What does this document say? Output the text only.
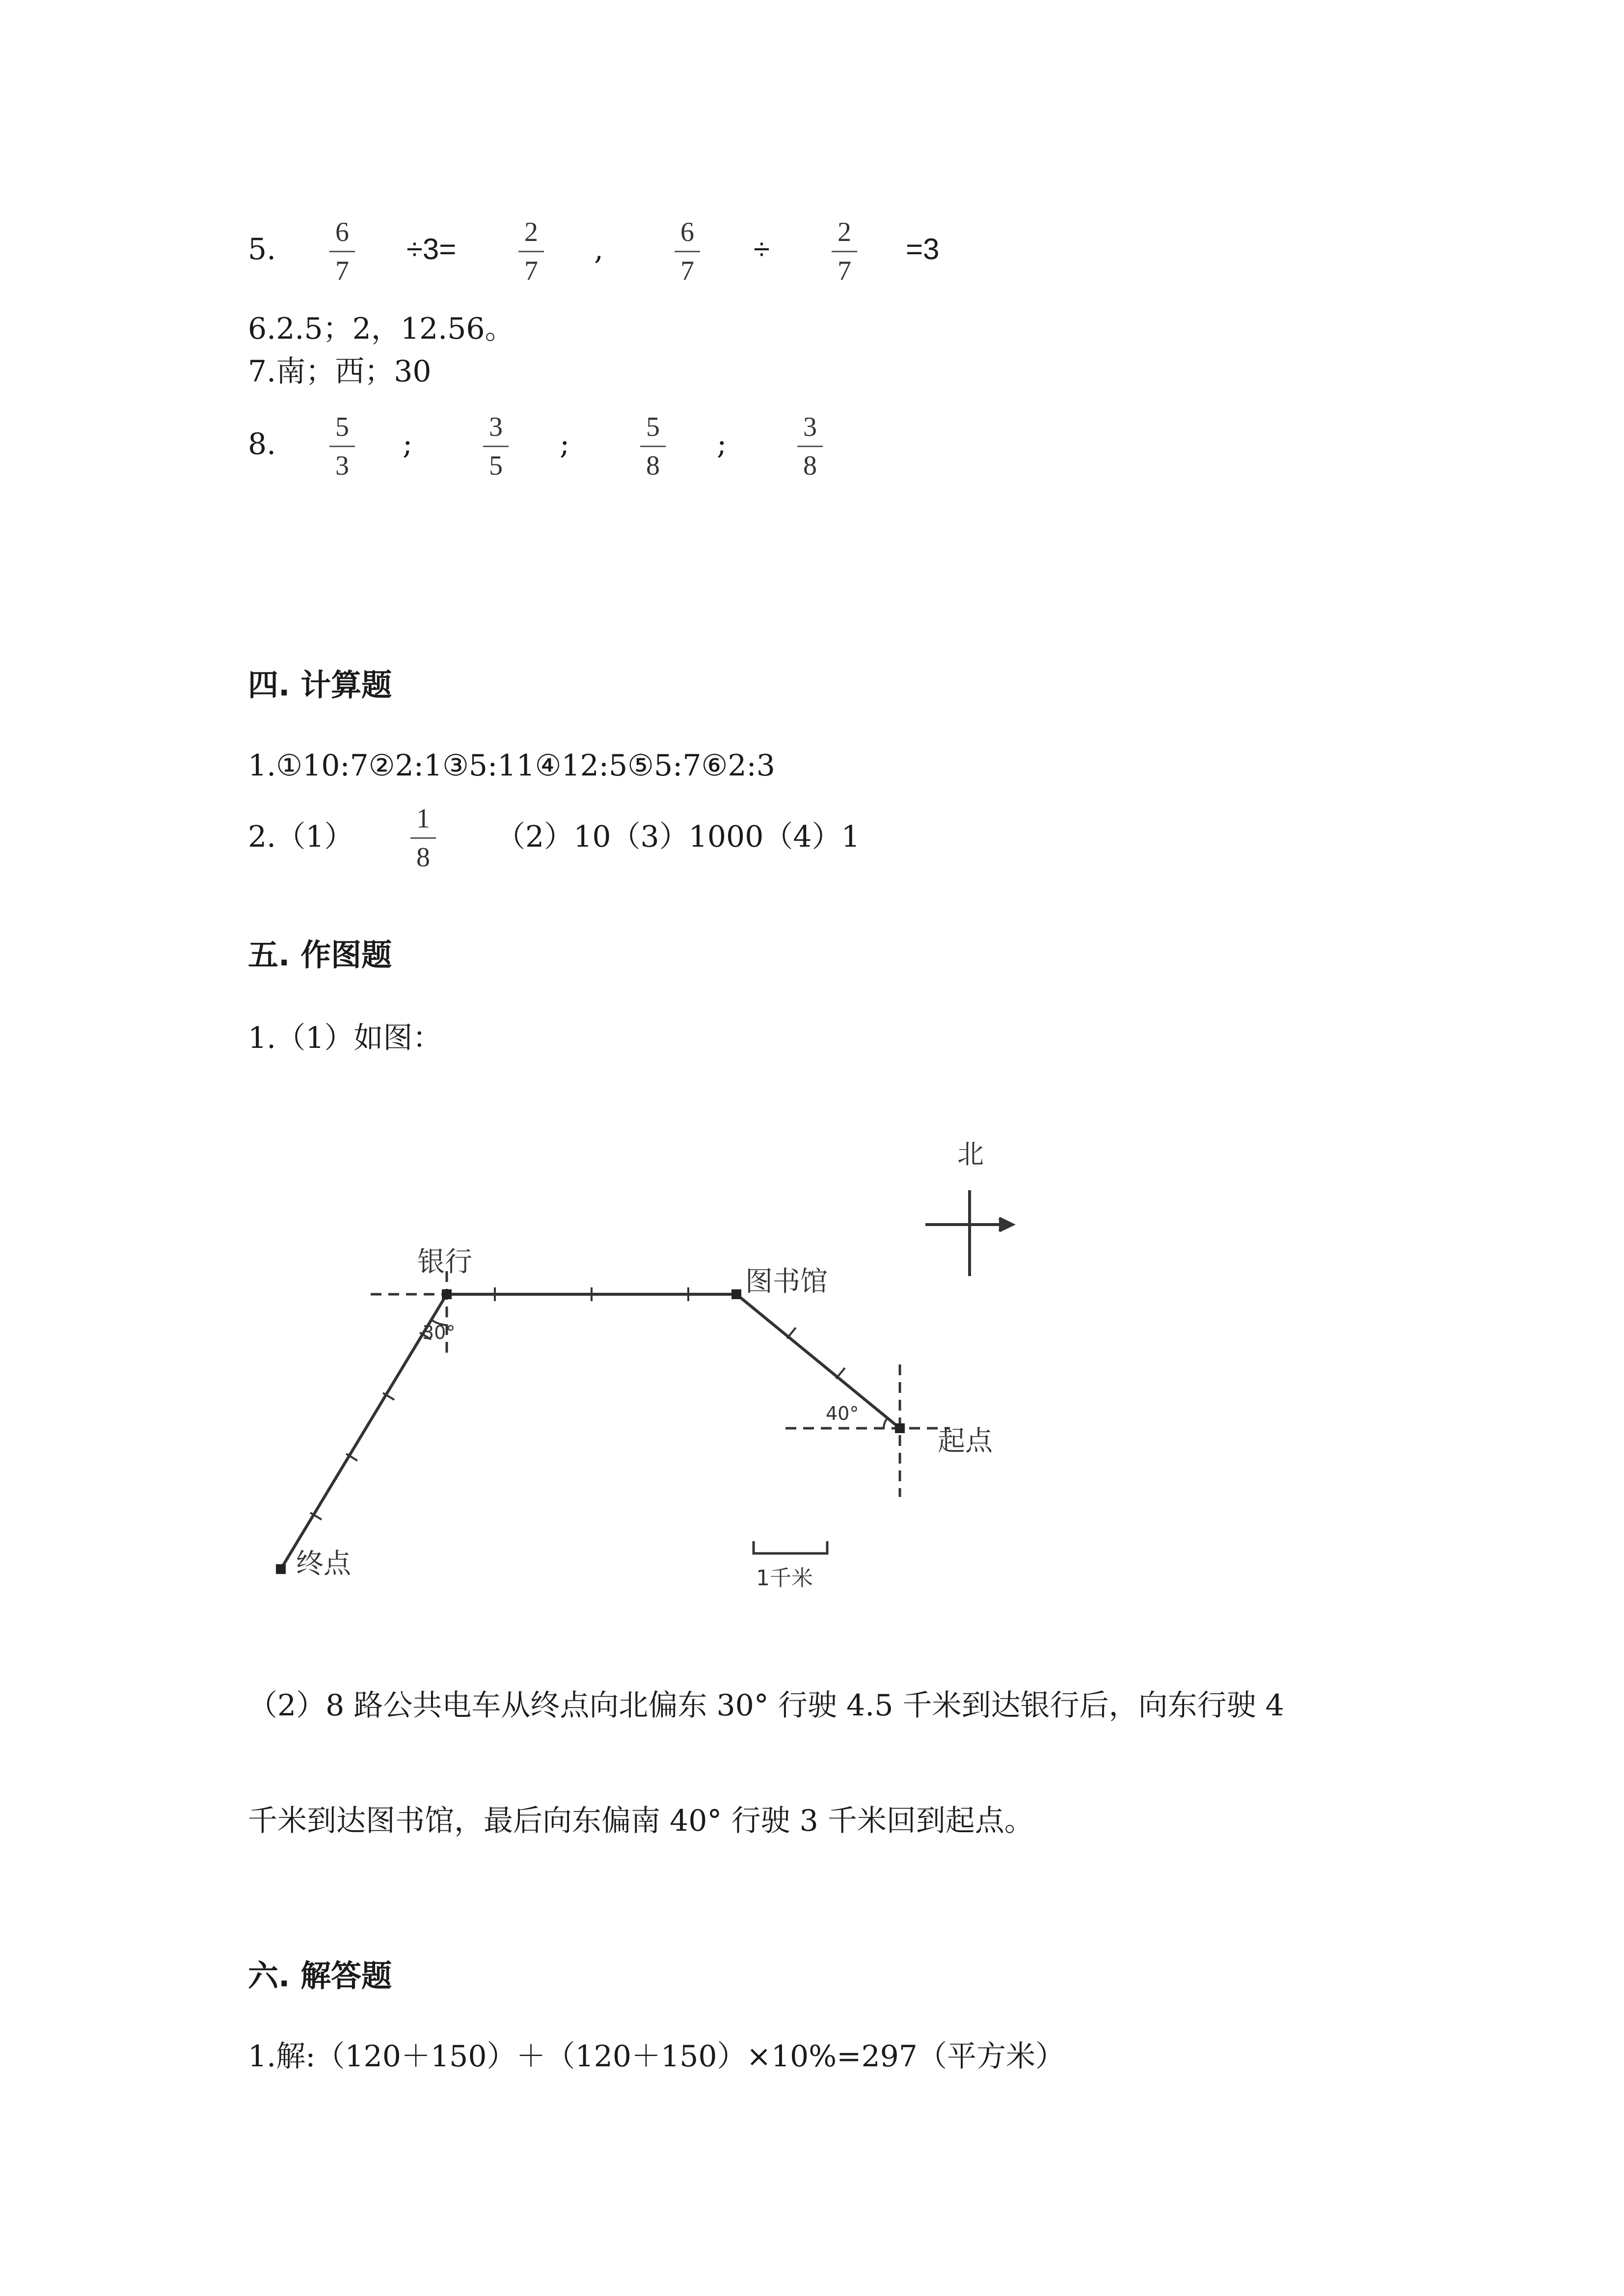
5. 6
7
÷3=
2
7
,	6
7
÷
2
7
=3
6.2.5；2，12.56。
7.南；西；30
8. 5
3
;	3
5
;	5
8
;	3
8
四. 计算题
1.①10:7②2:1③5:11④12:5⑤5:7⑥2:3
2.（1）
1
8
（2）10（3）1000（4）1
五. 作图题
1.（1）如图：
北
银行
图书馆
起点
终点
30°
40°
1千米
（2）8 路公共电车从终点向北偏东 30° 行驶 4.5 千米到达银行后，向东行驶 4
千米到达图书馆，最后向东偏南 40° 行驶 3 千米回到起点。
六. 解答题
1.解:（120＋150）＋（120＋150）×10%=297（平方米）
